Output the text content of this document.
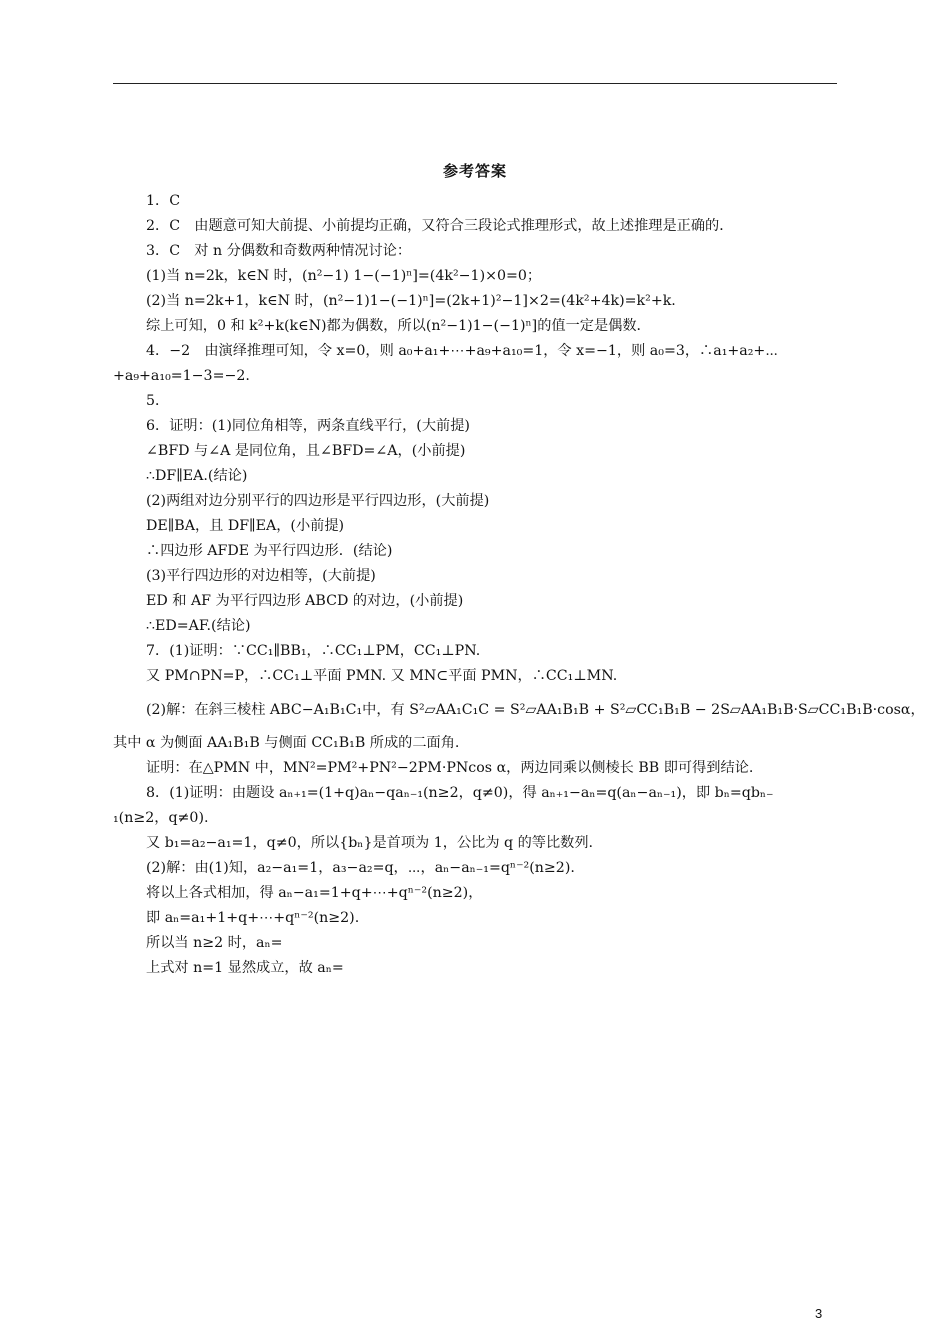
参考答案
1．C
2．C　由题意可知大前提、小前提均正确，又符合三段论式推理形式，故上述推理是正确的．
3．C　对 n 分偶数和奇数两种情况讨论：
(1)当 n=2k，k∈N 时，(n²−1) 1−(−1)ⁿ]=(4k²−1)×0=0；
(2)当 n=2k+1，k∈N 时，(n²−1)1−(−1)ⁿ]=(2k+1)²−1]×2=(4k²+4k)=k²+k.
综上可知，0 和 k²+k(k∈N)都为偶数，所以(n²−1)1−(−1)ⁿ]的值一定是偶数．
4．−2　由演绎推理可知，令 x=0，则 a₀+a₁+⋯+a₉+a₁₀=1，令 x=−1，则 a₀=3，∴a₁+a₂+⋯
+a₉+a₁₀=1−3=−2.
5．
6．证明：(1)同位角相等，两条直线平行，(大前提)
∠BFD 与∠A 是同位角，且∠BFD=∠A，(小前提)
∴DF∥EA.(结论)
(2)两组对边分别平行的四边形是平行四边形，(大前提)
DE∥BA，且 DF∥EA，(小前提)
∴四边形 AFDE 为平行四边形．(结论)
(3)平行四边形的对边相等，(大前提)
ED 和 AF 为平行四边形 ABCD 的对边，(小前提)
∴ED=AF.(结论)
7．(1)证明：∵CC₁∥BB₁，∴CC₁⊥PM，CC₁⊥PN.
又 PM∩PN=P，∴CC₁⊥平面 PMN. 又 MN⊂平面 PMN，∴CC₁⊥MN.
(2)解：在斜三棱柱 ABC−A₁B₁C₁中，有 S²▱AA₁C₁C = S²▱AA₁B₁B + S²▱CC₁B₁B − 2S▱AA₁B₁B·S▱CC₁B₁B·cosα，
其中 α 为侧面 AA₁B₁B 与侧面 CC₁B₁B 所成的二面角.
证明：在△PMN 中，MN²=PM²+PN²−2PM·PNcos α，两边同乘以侧棱长 BB 即可得到结论.
8．(1)证明：由题设 aₙ₊₁=(1+q)aₙ−qaₙ₋₁(n≥2，q≠0)，得 aₙ₊₁−aₙ=q(aₙ−aₙ₋₁)，即 bₙ=qbₙ₋
₁(n≥2，q≠0).
又 b₁=a₂−a₁=1，q≠0，所以{bₙ}是首项为 1，公比为 q 的等比数列.
(2)解：由(1)知，a₂−a₁=1，a₃−a₂=q，⋯，aₙ−aₙ₋₁=qⁿ⁻²(n≥2).
将以上各式相加，得 aₙ−a₁=1+q+⋯+qⁿ⁻²(n≥2)，
即 aₙ=a₁+1+q+⋯+qⁿ⁻²(n≥2).
所以当 n≥2 时，aₙ=
上式对 n=1 显然成立，故 aₙ=
3
